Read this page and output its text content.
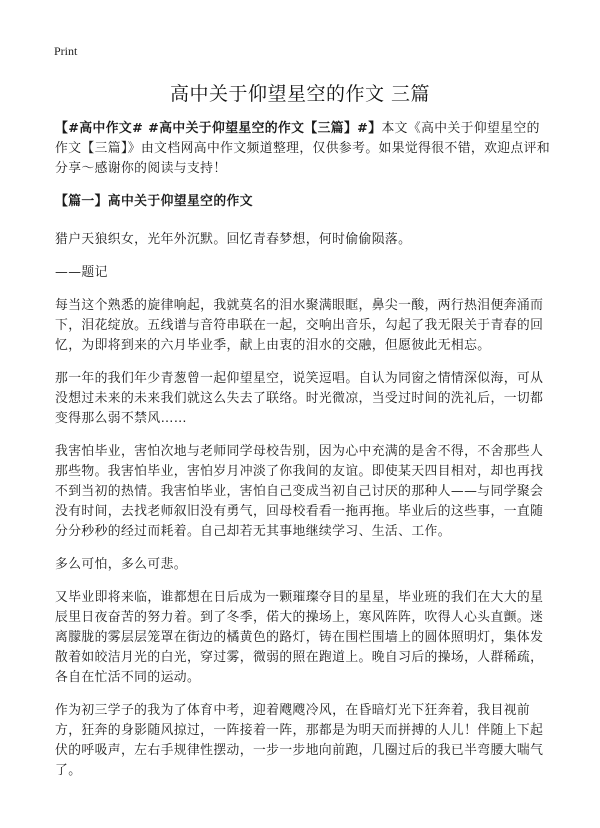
Print
高中关于仰望星空的作文 三篇

【#高中作文# #高中关于仰望星空的作文【三篇】#】本文《高中关于仰望星空的作文【三篇】》由文档网高中作文频道整理，仅供参考。如果觉得很不错，欢迎点评和分享～感谢你的阅读与支持！

【篇一】高中关于仰望星空的作文

猎户天狼织女，光年外沉默。回忆青春梦想，何时偷偷陨落。

——题记

每当这个熟悉的旋律响起，我就莫名的泪水聚满眼眶，鼻尖一酸，两行热泪便奔涌而下，泪花绽放。五线谱与音符串联在一起，交响出音乐，勾起了我无限关于青春的回忆，为即将到来的六月毕业季，献上由衷的泪水的交融，但愿彼此无相忘。

那一年的我们年少青葱曾一起仰望星空，说笑逗唱。自认为同窗之情情深似海，可从没想过未来的未来我们就这么失去了联络。时光微凉，当受过时间的洗礼后，一切都变得那么弱不禁风……

我害怕毕业，害怕次地与老师同学母校告别，因为心中充满的是舍不得，不舍那些人那些物。我害怕毕业，害怕岁月冲淡了你我间的友谊。即使某天四目相对，却也再找不到当初的热情。我害怕毕业，害怕自己变成当初自己讨厌的那种人——与同学聚会没有时间，去找老师叙旧没有勇气，回母校看看一拖再拖。毕业后的这些事，一直随分分秒秒的经过而耗着。自己却若无其事地继续学习、生活、工作。

多么可怕，多么可悲。

又毕业即将来临，谁都想在日后成为一颗璀璨夺目的星星，毕业班的我们在大大的星辰里日夜奋苦的努力着。到了冬季，偌大的操场上，寒风阵阵，吹得人心头直颤。迷离朦胧的雾层层笼罩在街边的橘黄色的路灯，铸在围栏围墙上的圆体照明灯，集体发散着如皎洁月光的白光，穿过雾，微弱的照在跑道上。晚自习后的操场，人群稀疏，各自在忙活不同的运动。

作为初三学子的我为了体育中考，迎着飕飕冷风，在昏暗灯光下狂奔着，我目视前方，狂奔的身影随风掠过，一阵接着一阵，那都是为明天而拼搏的人儿！伴随上下起伏的呼吸声，左右手规律性摆动，一步一步地向前跑，几圈过后的我已半弯腰大喘气了。
